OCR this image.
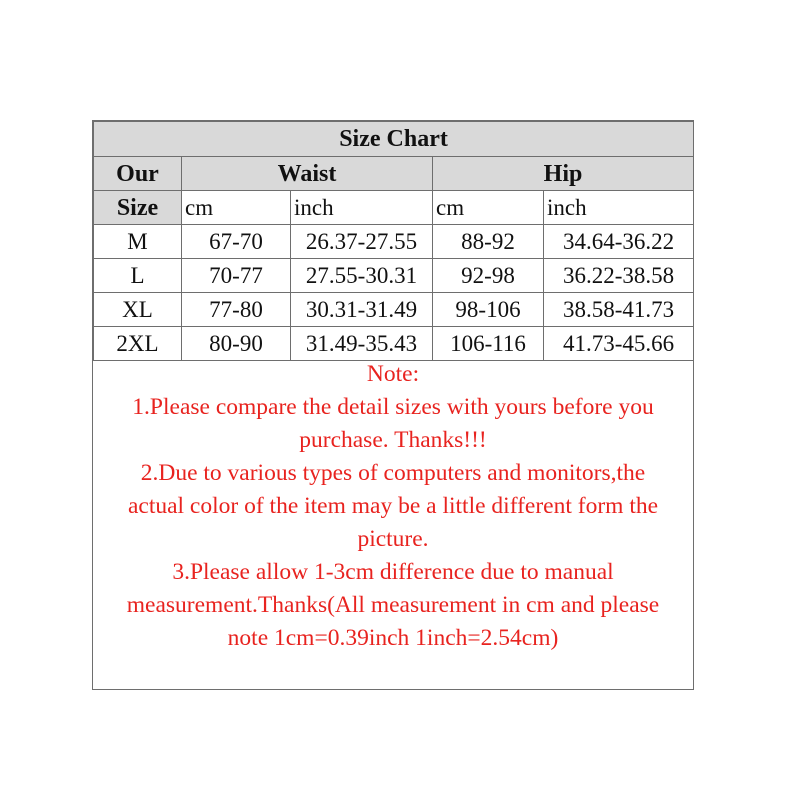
Size Chart				
Our	Waist		Hip	
Size	cm	inch	cm	inch
M	67-70	26.37-27.55	88-92	34.64-36.22
L	70-77	27.55-30.31	92-98	36.22-38.58
XL	77-80	30.31-31.49	98-106	38.58-41.73
2XL	80-90	31.49-35.43	106-116	41.73-45.66
Note:
1.Please compare the detail sizes with yours before you
purchase. Thanks!!!
2.Due to various types of computers and monitors,the
actual color of the item may be a little different form the
picture.
3.Please allow 1-3cm difference due to manual
measurement.Thanks(All measurement in cm and please
note 1cm=0.39inch 1inch=2.54cm)
